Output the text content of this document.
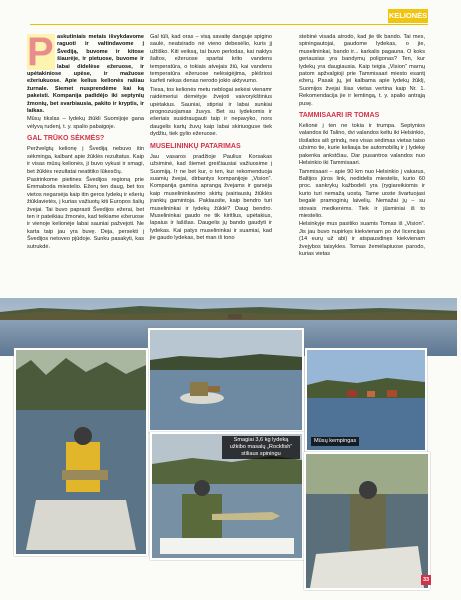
KELIONĖS
P askutiniais metais išvykdavome raguoti ir valtindavome į Švediją, buvome ir kitose šiaurėje, ir pietuose, buvome ir labai didelėse ežeruose, ir upėtakiniose upėse, ir mažuose ežeriukuose. Apie kelius kelionės rašiau žurnale. Siemet nusprendėme kai ką pakeisti. Kompanija padidėjo iki septynių žmonių, bet svarbiausia, pakito ir kryptis, ir laikas.

Mūsų tikslas – lydekų žiūkli Suomijoje gana vėlyvą rudenį, t. y. spalio pabaigoje.

GAL TRŪKO SĖKMĖS?

Peržvelgtų kelionę į Švediją nebuvo itin sėkminga, kalbant apie žūklės rezultatus. Kaip ir visas mūsų kelionės, ji buvo vykusi ir smagi, bet žūklės rezultatai neatitiko lūkesčių.

Pasirinkome pietines Švedijos regioną prie Emmaboda miestelio. Ežerų ten daug, bet tos vietos negarsėja kaip itin geros lydekų ir ešerių žiūklavietės, į kurias važiuotų kiti Europos šalių žvejai. Tai buvo paprasti Švedijos ežerai, bet ten ir pateikiau žmonės, kad teikiame ežeruose ir vienoje kelionėje labai sauniai pažvejoti. Ne karta taip jau yra buvę. Deja, persekti į Švedijos netoveo pjūdoje. Sunku pasakyti, kas sutrukdė.

Gal tūli, kad oras – visą savaitę danguje spigino saulė, neatsirado nė vieno debesėlio, kuris jį užtiško. Kiti veiksą, tai buvo perlodas, kai naktys šaltos, ežeruose spartai krito vandens temperatūra, o tokiais atvejais žiū, kai vandens temperatūra ežeruose nelėsigėjima, plėšriosi karfeti nėkas denas nerodo jokio aktyvumo.

Tiesa, tos kelionės metu neblogai sekėsi vienamr raidėmeriui dėmėtyje žvejoti vaivorykštinius upėtakius. Sauniai, stipriai ir labai sunkiai prognozuojamas žuvys. Bet su lydekomis ir ešeriais susidraugauti taip ir nepavyko, nors daugelis kartų žuvų kaip labai skiriuoguse tiek dydžiu, tiek gylio ežeruose.

MUSELININKŲ PATARIMAS

Jau vasaros pradžioje Paulius Korsakas užsiminė, kad šiemet greičiausiai važiuosime į Suomiją. Ir ne bet kur, o ten, kur rekomenduoja suamių žvejai, dirbantys kompanijoje „Vision“. Kompanija gamina aprangą žvejams ir garsėja kaip muselininkavimo skirtų įvairiausių žiūklės įrankių gamintoja. Paklausite, kaip bendro turi muselininkai ir lydekų žūklė? Daug bendro. Muselininkai gaudo ne tik kiritlius, upėtakius, lapaius ir lašišas. Daugelis jų bando gaudyti ir lydekas. Kai patys muselininkai ir suamiai, kad jie gaudo lydekas, bet man iš tono

stebinė visada atrodo, kad jie tik bando. Tai mes, spiningautojai, gaudome lydekas, o jie, muselininkai, bando ir... karkalis pagauna. O koks geriausias yra bandymų poligonas? Ten, kur lydekų yra daugiausia. Kaip teigia „Vision“ marnų patom apžvalgioji prie Tammisaari miesto esantį ežerų. Pasak jų, jei kalbama apie lydekų žūklį, Suomijos žvejai šias vietas vertina kaip Nr. 1. Rekomendacija jie ir lemtingą, t. y. spalio antrąją pusę.

TAMMISAARI IR TOMAS

Kelionė į ten ne tokia ir trumpa. Septynios valandos iki Talino, dvi valandos keltu iki Helsinkio, išsilaitos aiš grindų, nes visas sėdimas vietas taiso užsimo tie, kurie keliauja be automobilių ir į lydekę pakenka ankstčiau. Dar pusantros valandos nuo Helsinkio iki Tammisaari.

Tammisaari – apie 90 km nuo Helsinkio į vakarus, Baltijos jūros link, nedidelis miestelis, kurio 60 proc. sankrykų kažbodeli yra (rygiareikiomis ir kurio turi nemažą uostą. Tame uoste švartuojasi begalė pramoginių laivelių. Nemažai jų – su stovais medkerėms. Tiek ir jūsminiai iš to miestelio.

Helsinkyje mus pasitiko suamis Tomas iš „Vision“. Jis jau buvo nupirkęs kiekvienam po dvi licencijas (14 eurų už abi) ir atspausdinęs kiekvienam žvejybos taisykles. Tomas žemėlapiuose parodo, kurias vietas

Mūsų kempingas
Smagiai 3,6 kg lydeką užkibo masalų „Rockfish“ stiliaus spiningu
33
